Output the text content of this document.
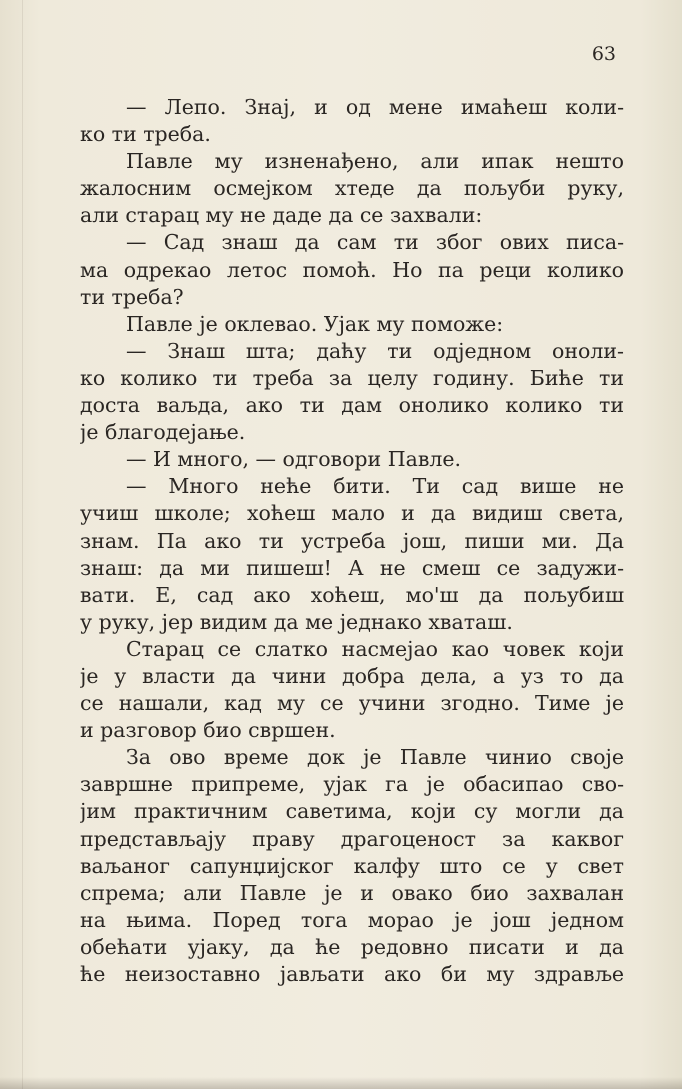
63
— Лепо. Знај, и од мене имаћеш коли-
ко ти треба.
Павле му изненађено, али ипак нешто
жалосним осмејком хтеде да пољуби руку,
али старац му не даде да се захвали:
— Сад знаш да сам ти због ових писа-
ма одрекао летос помоћ. Но па реци колико
ти треба?
Павле је оклевао. Ујак му поможе:
— Знаш шта; даћу ти одједном онoли-
ко колико ти треба за целу годину. Биће ти
доста ваљда, ако ти дам онолико колико ти
је благодејање.
— И много, — одговори Павле.
— Много неће бити. Ти сад више не
учиш школе; хоћеш мало и да видиш света,
знам. Па ако ти устреба још, пиши ми. Да
знаш: да ми пишеш! А не смеш се задужи-
вати. Е, сад ако хоћеш, мо'ш да пољубиш
у руку, јер видим да ме једнако хваташ.
Старац се слатко насмејао као човек који
је у власти да чини добра дела, а уз то да
се нашали, кад му се учини згодно. Тиме је
и разговор био свршен.
За ово време док је Павле чинио своје
завршне припреме, ујак га је обасипао сво-
јим практичним саветима, који су могли да
представљају праву драгоценост за каквог
ваљаног сапунџијског калфу што се у свет
спрема; али Павле је и овако био захвалан
на њима. Поред тога морао је још једном
обећати ујаку, да ће редовно писати и да
ће неизоставно јављати ако би му здравље
